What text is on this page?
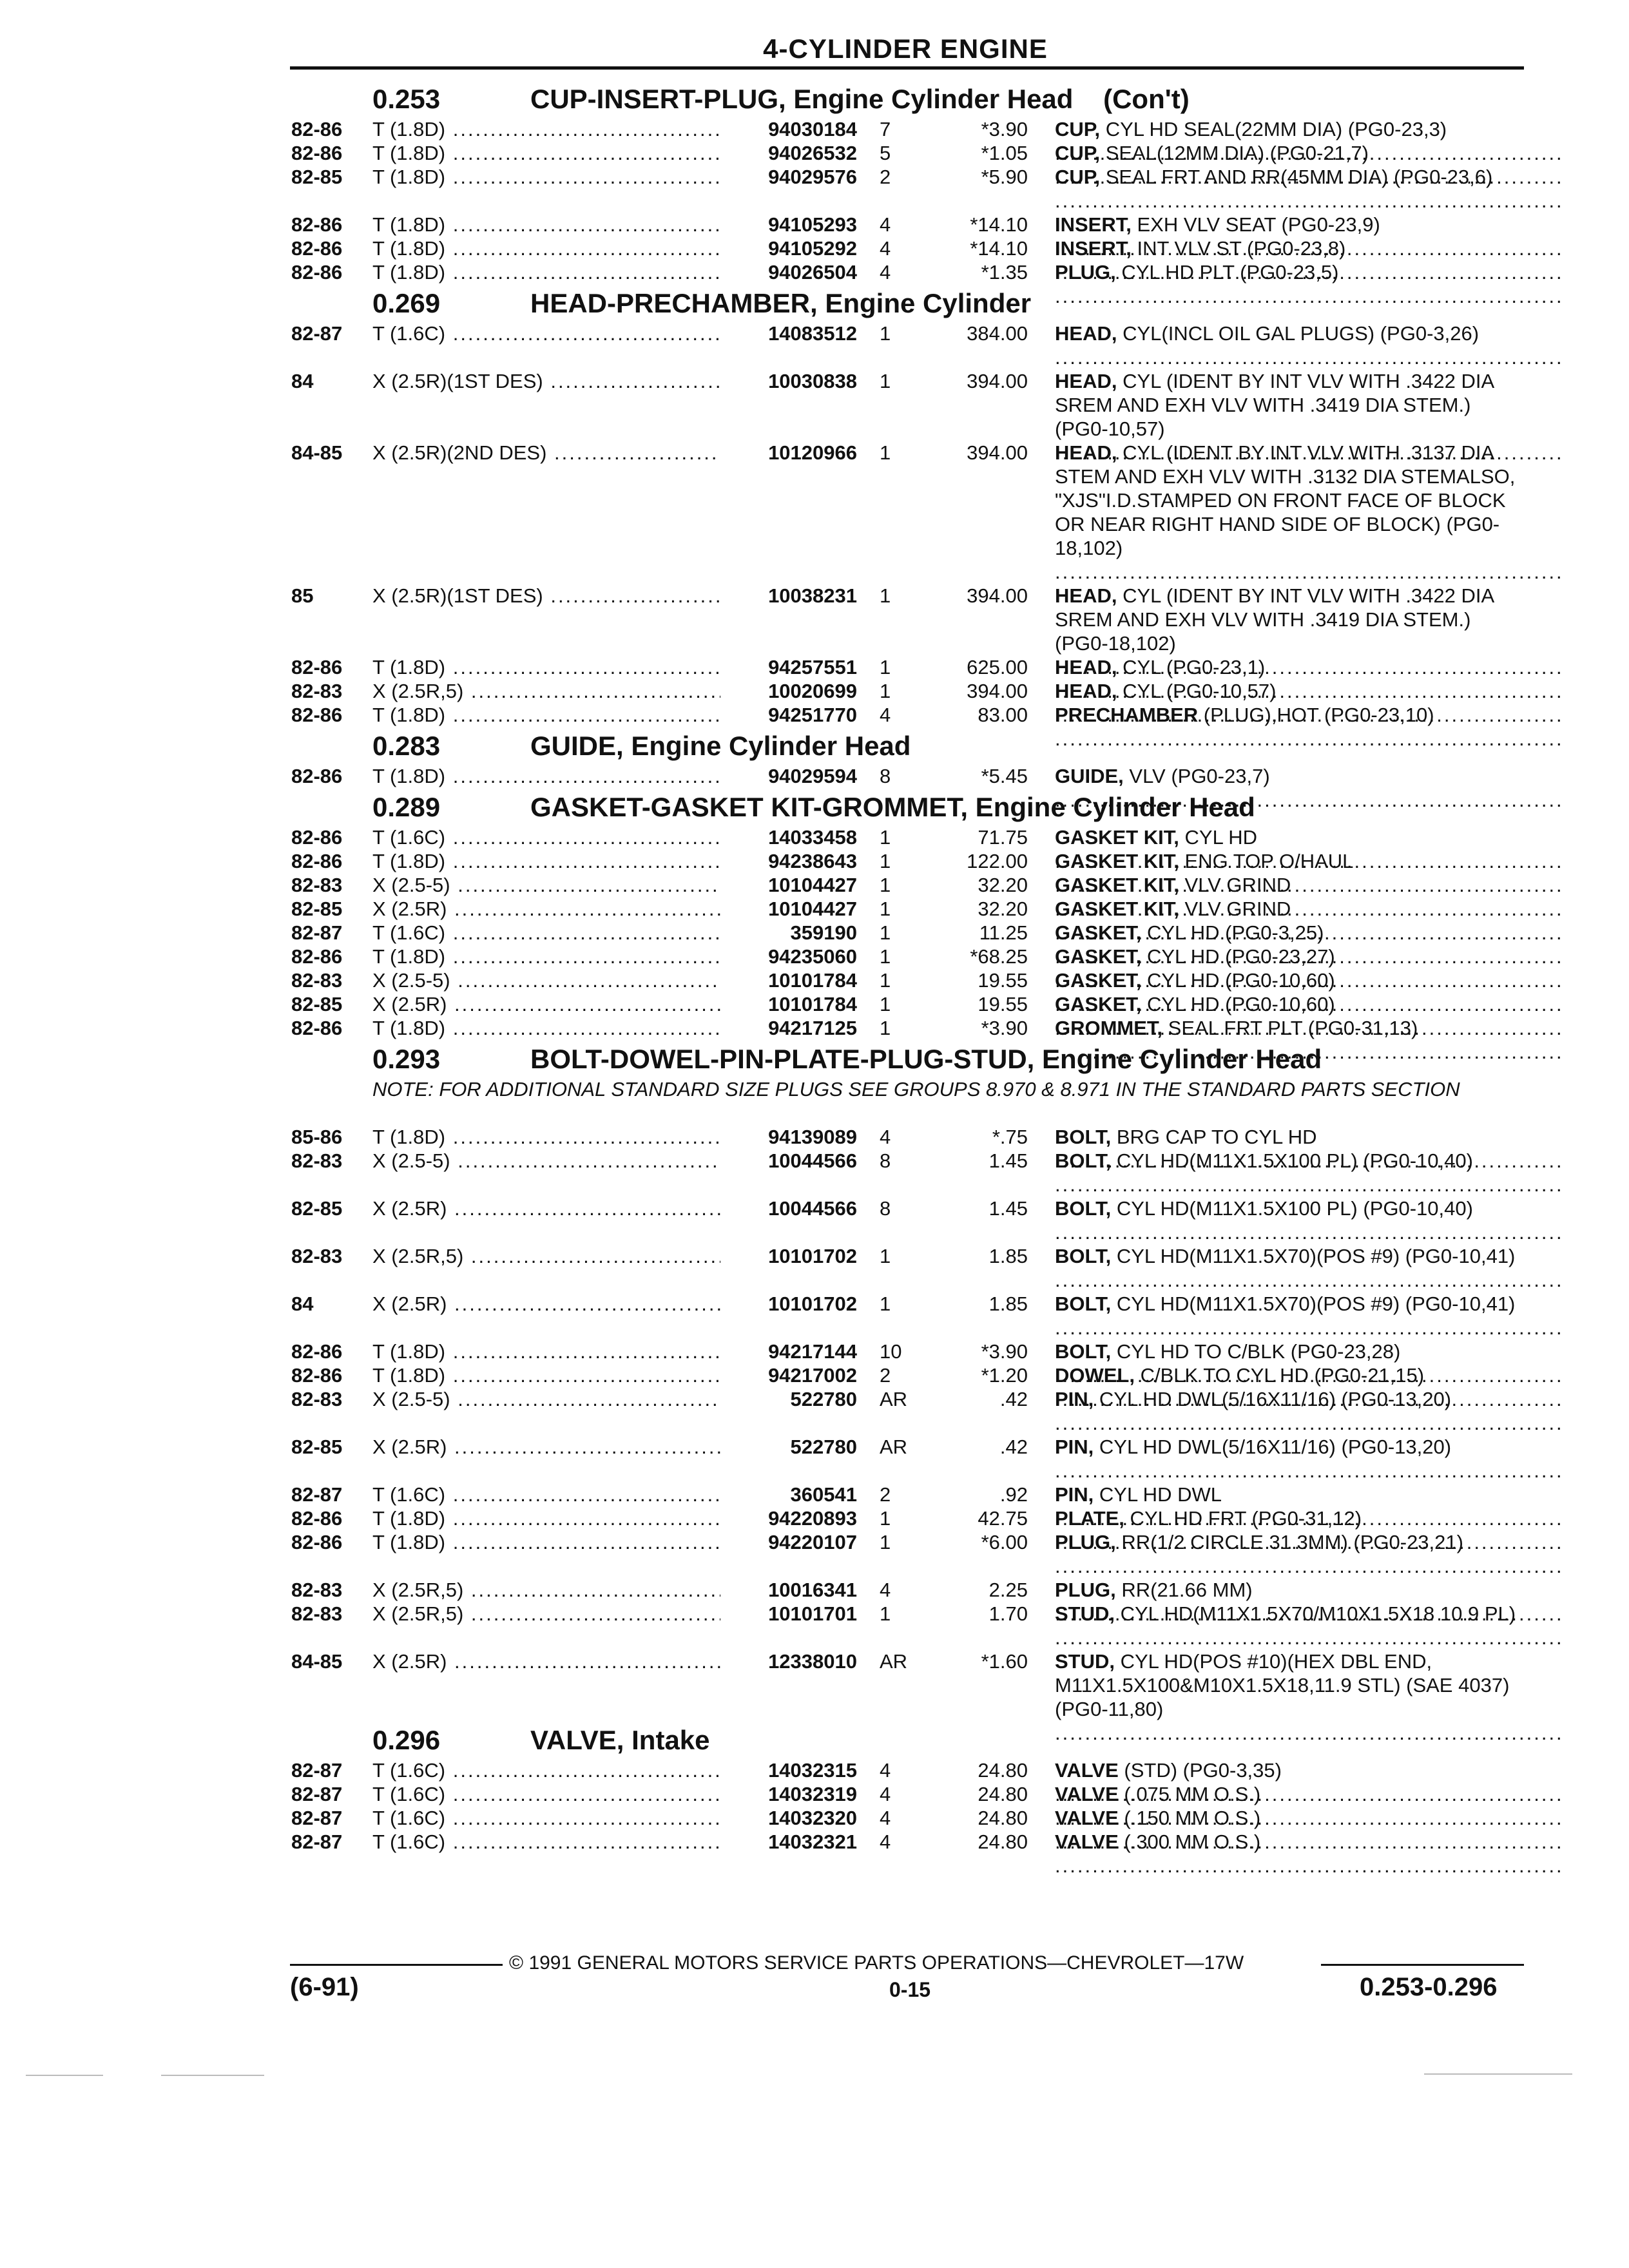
4-CYLINDER ENGINE
0.253	CUP-INSERT-PLUG, Engine Cylinder Head    (Con't)
82-86 T (1.8D) .....	94030184 7	*3.90 CUP, CYL HD SEAL(22MM DIA) (PG0-23,3) .....
82-86 T (1.8D) .....	94026532 5	*1.05 CUP, SEAL(12MM DIA) (PG0-21,7) .....
82-85 T (1.8D) .....	94029576 2	*5.90 CUP, SEAL FRT AND RR(45MM DIA) (PG0-23,6) .....
82-86 T (1.8D) .....	94105293 4	*14.10 INSERT, EXH VLV SEAT (PG0-23,9) .....
82-86 T (1.8D) .....	94105292 4	*14.10 INSERT, INT VLV ST (PG0-23,8) .....
82-86 T (1.8D) .....	94026504 4	*1.35 PLUG, CYL HD PLT (PG0-23,5) .....
0.269	HEAD-PRECHAMBER, Engine Cylinder
82-87 T (1.6C) .....	14083512 1	384.00 HEAD, CYL(INCL OIL GAL PLUGS) (PG0-3,26) .....
84	X (2.5R)(1ST DES) .....	10030838 1	394.00 HEAD, CYL (IDENT BY INT VLV WITH .3422 DIA SREM AND EXH VLV WITH .3419 DIA STEM.) (PG0-10,57) .....
84-85 X (2.5R)(2ND DES) .....	10120966 1	394.00 HEAD, CYL (IDENT BY INT VLV WITH .3137 DIA STEM AND EXH VLV WITH .3132 DIA STEMALSO, "XJS"I.D.STAMPED ON FRONT FACE OF BLOCK OR NEAR RIGHT HAND SIDE OF BLOCK) (PG0-18,102) .....
85	X (2.5R)(1ST DES) .....	10038231 1	394.00 HEAD, CYL (IDENT BY INT VLV WITH .3422 DIA SREM AND EXH VLV WITH .3419 DIA STEM.) (PG0-18,102) .....
82-86 T (1.8D) .....	94257551 1	625.00 HEAD, CYL (PG0-23,1) .....
82-83 X (2.5R,5) .....	10020699 1	394.00 HEAD, CYL (PG0-10,57) .....
82-86 T (1.8D) .....	94251770 4	83.00 PRECHAMBER (PLUG),HOT (PG0-23,10) .....
0.283	GUIDE, Engine Cylinder Head
82-86 T (1.8D) .....	94029594 8	*5.45 GUIDE, VLV (PG0-23,7) .....
0.289	GASKET-GASKET KIT-GROMMET, Engine Cylinder Head
82-86 T (1.6C) .....	14033458 1	71.75 GASKET KIT, CYL HD .....
82-86 T (1.8D) .....	94238643 1	122.00 GASKET KIT, ENG TOP O/HAUL .....
82-83 X (2.5-5) .....	10104427 1	32.20 GASKET KIT, VLV GRIND .....
82-85 X (2.5R) .....	10104427 1	32.20 GASKET KIT, VLV GRIND .....
82-87 T (1.6C) .....	359190 1	11.25 GASKET, CYL HD (PG0-3,25) .....
82-86 T (1.8D) .....	94235060 1	*68.25 GASKET, CYL HD (PG0-23,27) .....
82-83 X (2.5-5) .....	10101784 1	19.55 GASKET, CYL HD (PG0-10,60) .....
82-85 X (2.5R) .....	10101784 1	19.55 GASKET, CYL HD (PG0-10,60) .....
82-86 T (1.8D) .....	94217125 1	*3.90 GROMMET, SEAL FRT PLT (PG0-31,13) .....
0.293	BOLT-DOWEL-PIN-PLATE-PLUG-STUD, Engine Cylinder Head
NOTE: FOR ADDITIONAL STANDARD SIZE PLUGS SEE GROUPS 8.970 & 8.971 IN THE STANDARD PARTS SECTION
85-86 T (1.8D) .....	94139089 4	*.75 BOLT, BRG CAP TO CYL HD .....
82-83 X (2.5-5) .....	10044566 8	1.45 BOLT, CYL HD(M11X1.5X100 PL) (PG0-10,40) .....
82-85 X (2.5R) .....	10044566 8	1.45 BOLT, CYL HD(M11X1.5X100 PL) (PG0-10,40) .....
82-83 X (2.5R,5) .....	10101702 1	1.85 BOLT, CYL HD(M11X1.5X70)(POS #9) (PG0-10,41) .....
84	X (2.5R) .....	10101702 1	1.85 BOLT, CYL HD(M11X1.5X70)(POS #9) (PG0-10,41) .....
82-86 T (1.8D) .....	94217144 10	*3.90 BOLT, CYL HD TO C/BLK (PG0-23,28) .....
82-86 T (1.8D) .....	94217002 2	*1.20 DOWEL, C/BLK TO CYL HD (PG0-21,15) .....
82-83 X (2.5-5) .....	522780 AR	.42 PIN, CYL HD DWL(5/16X11/16) (PG0-13,20) .....
82-85 X (2.5R) .....	522780 AR	.42 PIN, CYL HD DWL(5/16X11/16) (PG0-13,20) .....
82-87 T (1.6C) .....	360541 2	.92 PIN, CYL HD DWL .....
82-86 T (1.8D) .....	94220893 1	42.75 PLATE, CYL HD FRT (PG0-31,12) .....
82-86 T (1.8D) .....	94220107 1	*6.00 PLUG, RR(1/2 CIRCLE 31.3MM) (PG0-23,21) .....
82-83 X (2.5R,5) .....	10016341 4	2.25 PLUG, RR(21.66 MM) .....
82-83 X (2.5R,5) .....	10101701 1	1.70 STUD, CYL HD(M11X1.5X70/M10X1.5X18 10.9 PL) .....
84-85 X (2.5R) .....	12338010 AR	*1.60 STUD, CYL HD(POS #10)(HEX DBL END, M11X1.5X100&M10X1.5X18,11.9 STL) (SAE 4037) (PG0-11,80) .....
0.296	VALVE, Intake
82-87 T (1.6C) .....	14032315 4	24.80 VALVE (STD) (PG0-3,35) .....
82-87 T (1.6C) .....	14032319 4	24.80 VALVE (.075 MM O.S.) .....
82-87 T (1.6C) .....	14032320 4	24.80 VALVE (.150 MM O.S.) .....
82-87 T (1.6C) .....	14032321 4	24.80 VALVE (.300 MM O.S.) .....
© 1991 GENERAL MOTORS SERVICE PARTS OPERATIONS—CHEVROLET—17W
(6-91)	0-15	0.253-0.296
